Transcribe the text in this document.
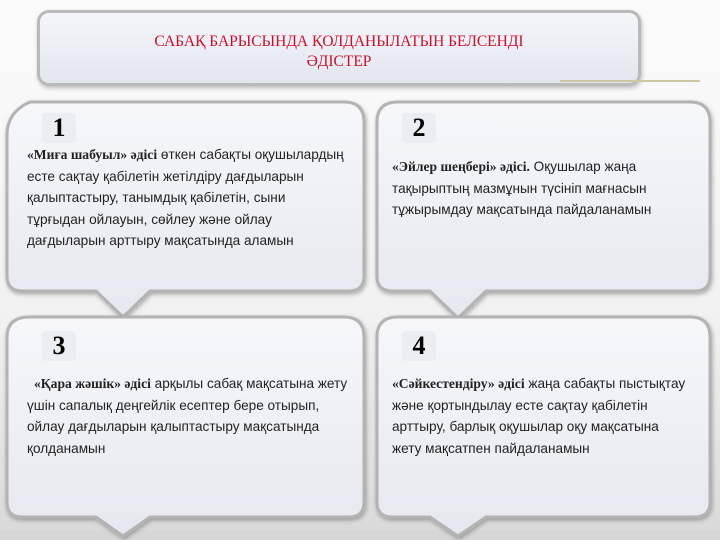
САБАҚ БАРЫСЫНДА ҚОЛДАНЫЛАТЫН БЕЛСЕНДІ
ӘДІСТЕР
1
«Миға шабуыл» әдісі өткен сабақты оқушылардың есте сақтау қабілетін жетілдіру дағдыларын қалыптастыру, танымдық қабілетін, сыни тұрғыдан ойлауын, сөйлеу және ойлау дағдыларын арттыру мақсатында аламын
2
«Эйлер шеңбері» әдісі. Оқушылар жаңа тақырыптың мазмұнын түсініп мағнасын тұжырымдау мақсатында пайдаланамын
3
«Қара жәшік» әдісі арқылы сабақ мақсатына жету үшін сапалық деңгейлік есептер бере отырып, ойлау дағдыларын қалыптастыру мақсатында қолданамын
4
«Сәйкестендіру» әдісі жаңа сабақты пыстықтау және қортындылау есте сақтау қабілетін арттыру, барлық оқушылар оқу мақсатына жету мақсатпен пайдаланамын
